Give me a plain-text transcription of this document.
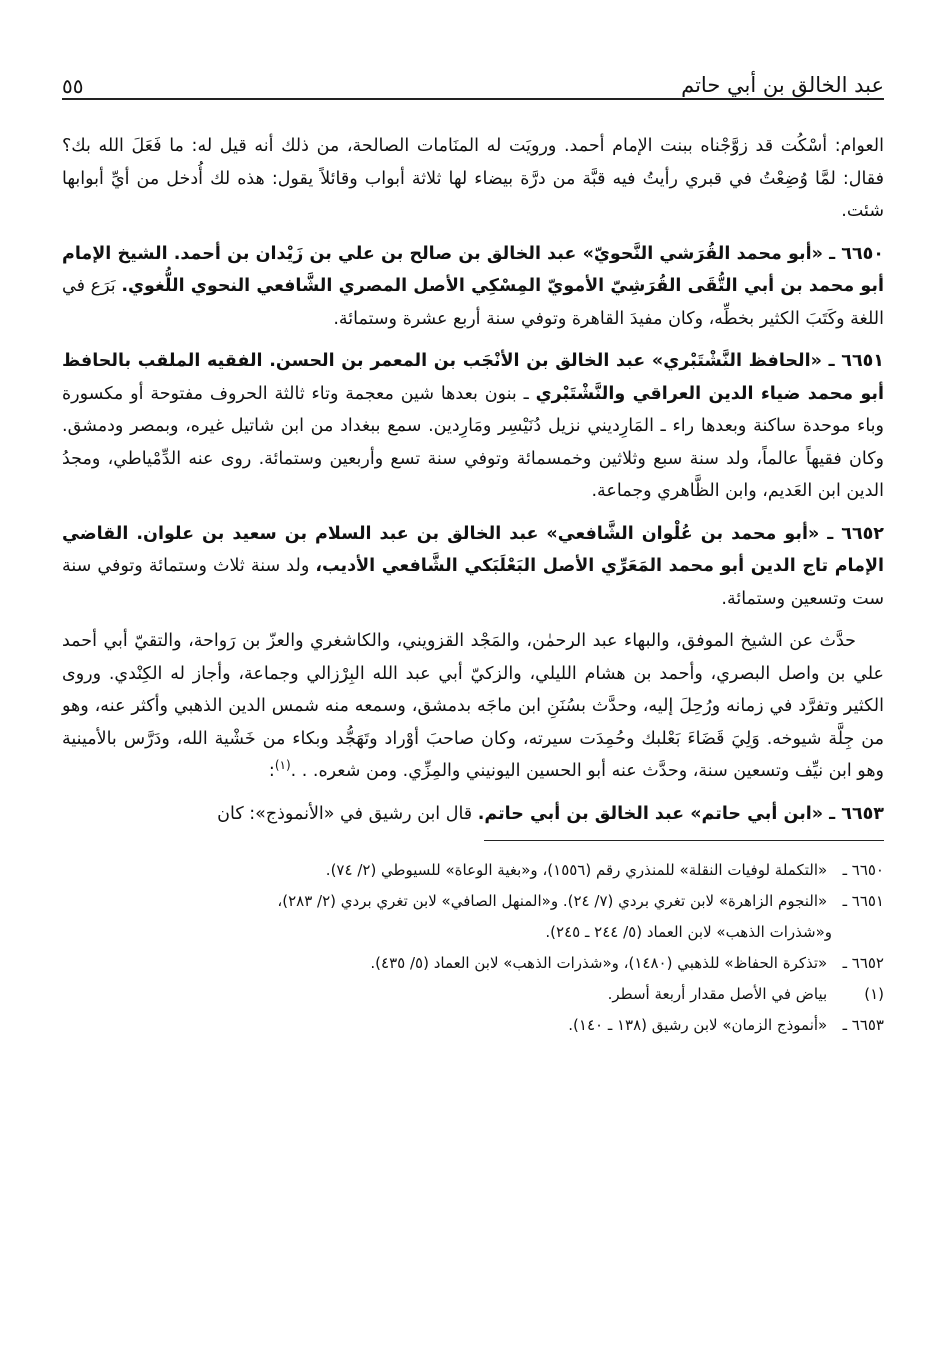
عبد الخالق بن أبي حاتم
٥٥

العوام: أسْكُت قد زوَّجْناه ببنت الإمام أحمد. ورويَت له المنَامات الصالحة، من ذلك أنه قيل له: ما فَعَلَ الله بك؟ فقال: لمَّا وُضِعْتُ في قبري رأيتُ فيه قبَّة من درَّة بيضاء لها ثلاثة أبواب وقائلاً يقول: هذه لك أُدخل من أيِّ أبوابها شئت.

٦٦٥٠ ـ «أبو محمد القُرَشي النَّحويّ» عبد الخالق بن صالح بن علي بن زَيْدان بن أحمد. الشيخ الإمام أبو محمد بن أبي التُّقَى القُرَشِيّ الأمويّ المِسْكِي الأصل المصري الشَّافعي النحوي اللُّغوي. بَرَع في اللغة وكَتَبَ الكثير بخطِّه، وكان مفيدَ القاهرة وتوفي سنة أربع عشرة وستمائة.

٦٦٥١ ـ «الحافظ النَّشْتَبْري» عبد الخالق بن الأنْجَب بن المعمر بن الحسن. الفقيه الملقب بالحافظ أبو محمد ضياء الدين العراقي والنَّشْتَبْري ـ بنون بعدها شين معجمة وتاء ثالثة الحروف مفتوحة أو مكسورة وباء موحدة ساكنة وبعدها راء ـ المَارِديني نزيل دُنَيْسِر ومَارِدين. سمع ببغداد من ابن شاتيل غيره، وبمصر ودمشق. وكان فقيهاً عالماً، ولد سنة سبع وثلاثين وخمسمائة وتوفي سنة تسع وأربعين وستمائة. روى عنه الدِّمْياطي، ومجدُ الدين ابن العَديم، وابن الظَّاهري وجماعة.

٦٦٥٢ ـ «أبو محمد بن عُلْوان الشَّافعي» عبد الخالق بن عبد السلام بن سعيد بن علوان. القاضي الإمام تاج الدين أبو محمد المَعَرِّي الأصل البَعْلَبَكي الشَّافعي الأديب، ولد سنة ثلاث وستمائة وتوفي سنة ست وتسعين وستمائة.

حدَّث عن الشيخ الموفق، والبهاء عبد الرحمٰن، والمَجْد القزويني، والكاشغري والعزّ بن رَواحة، والتقيّ أبي أحمد علي بن واصل البصري، وأحمد بن هشام الليلي، والزكيّ أبي عبد الله البِرْزالي وجماعة، وأجاز له الكِنْدي. وروى الكثير وتفرَّد في زمانه ورُحِلَ إليه، وحدَّث بسُنَنِ ابن ماجَه بدمشق، وسمعه منه شمس الدين الذهبي وأكثر عنه، وهو من جِلَّة شيوخه. وَلِيَ قَضَاءَ بَعْلبك وحُمِدَت سيرته، وكان صاحبَ أوْراد وتَهَجُّد وبكاء من خَشْية الله، ودَرَّس بالأمينية وهو ابن نيِّف وتسعين سنة، وحدَّث عنه أبو الحسين اليونيني والمِزِّي. ومن شعره. . .$^{(١)}$:

٦٦٥٣ ـ «ابن أبي حاتم» عبد الخالق بن أبي حاتم. قال ابن رشيق في «الأنموذج»: كان

٦٦٥٠ ـ «التكملة لوفيات النقلة» للمنذري رقم (١٥٥٦)، و«بغية الوعاة» للسيوطي (٢/ ٧٤).

٦٦٥١ ـ «النجوم الزاهرة» لابن تغري بردي (٧/ ٢٤). و«المنهل الصافي» لابن تغري بردي (٢/ ٢٨٣)،

و«شذرات الذهب» لابن العماد (٥/ ٢٤٤ ـ ٢٤٥).

٦٦٥٢ ـ «تذكرة الحفاظ» للذهبي (١٤٨٠)، و«شذرات الذهب» لابن العماد (٥/ ٤٣٥).

(١) بياض في الأصل مقدار أربعة أسطر.

٦٦٥٣ ـ «أنموذج الزمان» لابن رشيق (١٣٨ ـ ١٤٠).
